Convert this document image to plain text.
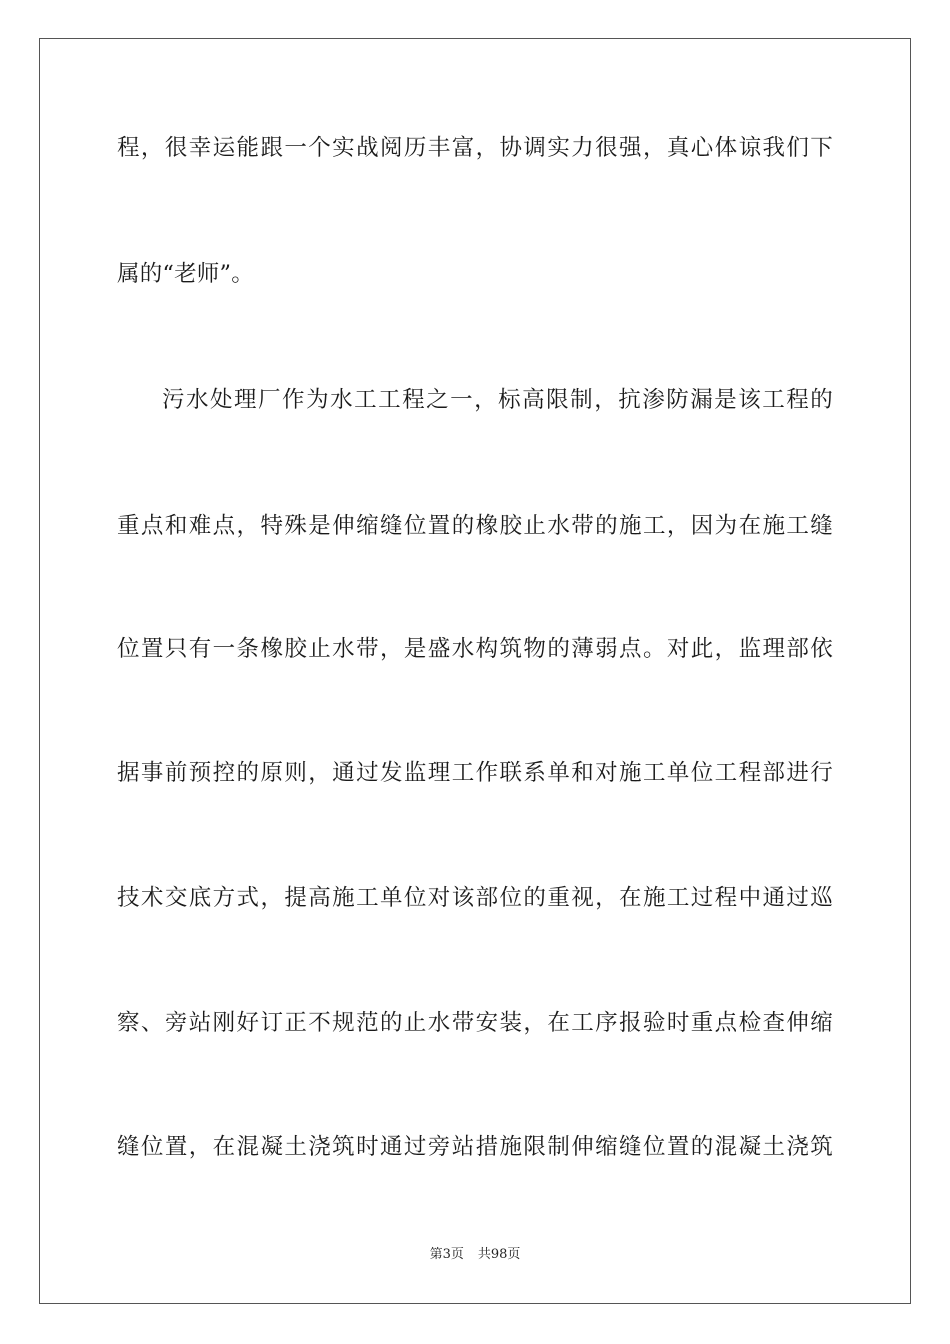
程，很幸运能跟一个实战阅历丰富，协调实力很强，真心体谅我们下
属的“老师”。
污水处理厂作为水工工程之一，标高限制，抗渗防漏是该工程的
重点和难点，特殊是伸缩缝位置的橡胶止水带的施工，因为在施工缝
位置只有一条橡胶止水带，是盛水构筑物的薄弱点。对此，监理部依
据事前预控的原则，通过发监理工作联系单和对施工单位工程部进行
技术交底方式，提高施工单位对该部位的重视，在施工过程中通过巡
察、旁站刚好订正不规范的止水带安装，在工序报验时重点检查伸缩
缝位置，在混凝土浇筑时通过旁站措施限制伸缩缝位置的混凝土浇筑
第3页 共98页
